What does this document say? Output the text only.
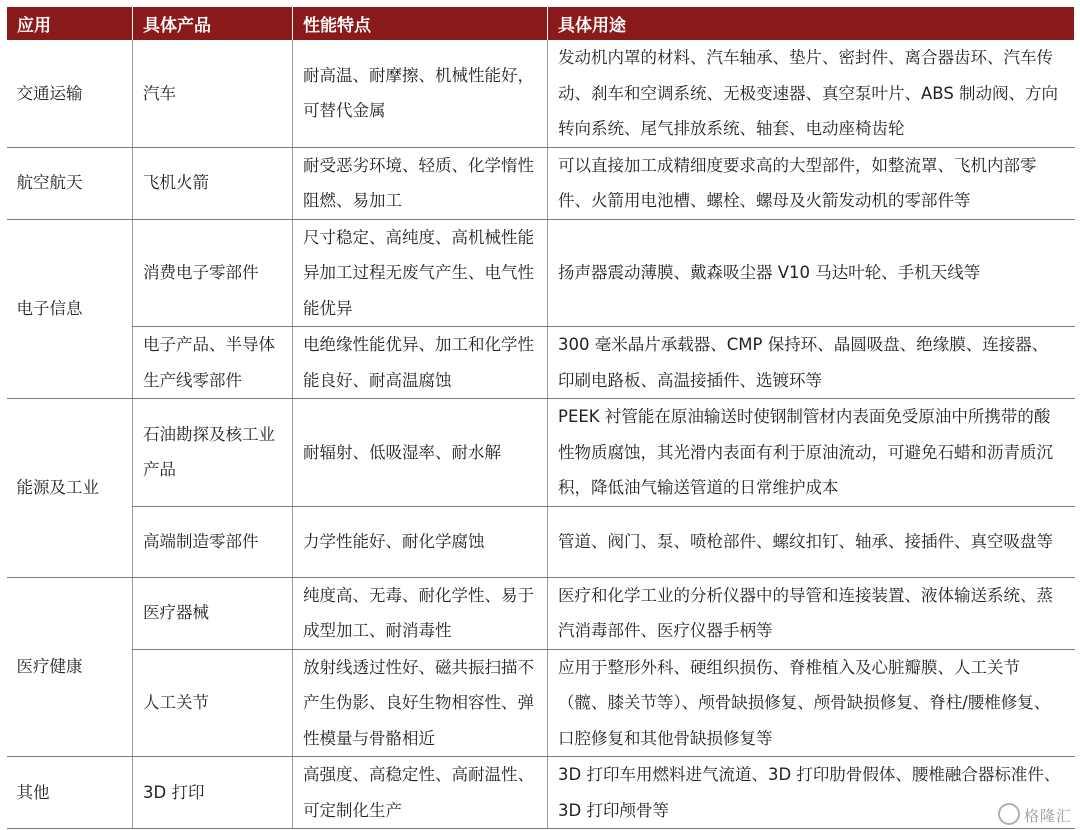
应用	具体产品	性能特点	具体用途
交通运输	汽车	耐高温、耐摩擦、机械性能好，可替代金属	发动机内罩的材料、汽车轴承、垫片、密封件、离合器齿环、汽车传动、刹车和空调系统、无极变速器、真空泵叶片、ABS 制动阀、方向转向系统、尾气排放系统、轴套、电动座椅齿轮
航空航天	飞机火箭	耐受恶劣环境、轻质、化学惰性阻燃、易加工	可以直接加工成精细度要求高的大型部件，如整流罩、飞机内部零件、火箭用电池槽、螺栓、螺母及火箭发动机的零部件等
电子信息	消费电子零部件	尺寸稳定、高纯度、高机械性能异加工过程无废气产生、电气性能优异	扬声器震动薄膜、戴森吸尘器 V10 马达叶轮、手机天线等
	电子产品、半导体生产线零部件	电绝缘性能优异、加工和化学性能良好、耐高温腐蚀	300 毫米晶片承载器、CMP 保持环、晶圆吸盘、绝缘膜、连接器、印刷电路板、高温接插件、选镀环等
能源及工业	石油勘探及核工业产品	耐辐射、低吸湿率、耐水解	PEEK 衬管能在原油输送时使钢制管材内表面免受原油中所携带的酸性物质腐蚀，其光滑内表面有利于原油流动，可避免石蜡和沥青质沉积，降低油气输送管道的日常维护成本
	高端制造零部件	力学性能好、耐化学腐蚀	管道、阀门、泵、喷枪部件、螺纹扣钉、轴承、接插件、真空吸盘等
医疗健康	医疗器械	纯度高、无毒、耐化学性、易于成型加工、耐消毒性	医疗和化学工业的分析仪器中的导管和连接装置、液体输送系统、蒸汽消毒部件、医疗仪器手柄等
	人工关节	放射线透过性好、磁共振扫描不产生伪影、良好生物相容性、弹性模量与骨骼相近	应用于整形外科、硬组织损伤、脊椎植入及心脏瓣膜、人工关节（髋、膝关节等）、颅骨缺损修复、颅骨缺损修复、脊柱/腰椎修复、口腔修复和其他骨缺损修复等
其他	3D 打印	高强度、高稳定性、高耐温性、可定制化生产	3D 打印车用燃料进气流道、3D 打印肋骨假体、腰椎融合器标准件、3D 打印颅骨等	格隆汇
